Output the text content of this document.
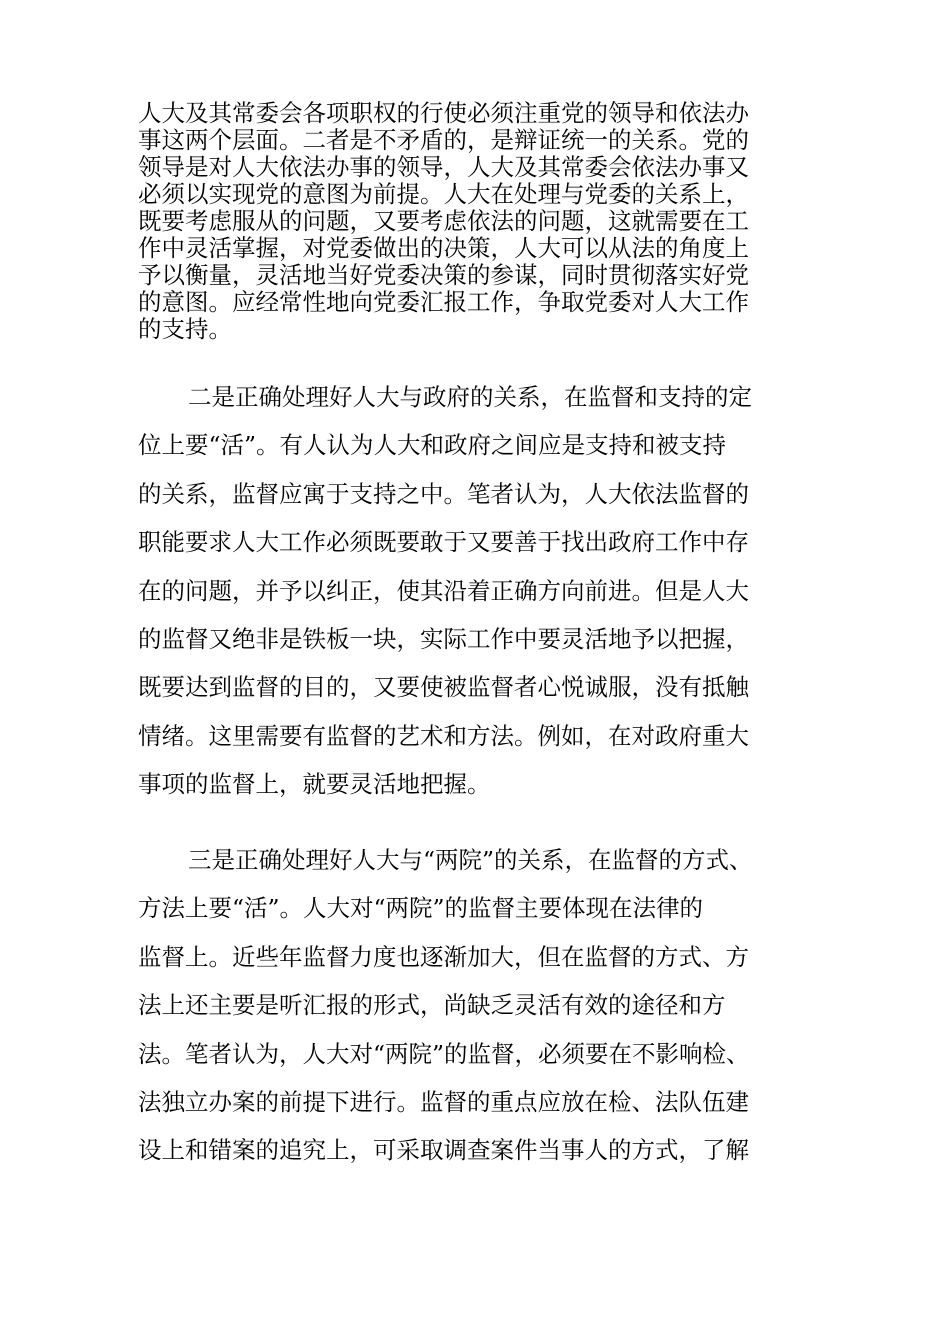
人大及其常委会各项职权的行使必须注重党的领导和依法办
事这两个层面。二者是不矛盾的，是辩证统一的关系。党的
领导是对人大依法办事的领导，人大及其常委会依法办事又
必须以实现党的意图为前提。人大在处理与党委的关系上，
既要考虑服从的问题，又要考虑依法的问题，这就需要在工
作中灵活掌握，对党委做出的决策，人大可以从法的角度上
予以衡量，灵活地当好党委决策的参谋，同时贯彻落实好党
的意图。应经常性地向党委汇报工作，争取党委对人大工作
的支持。
二是正确处理好人大与政府的关系，在监督和支持的定
位上要“活”。有人认为人大和政府之间应是支持和被支持
的关系，监督应寓于支持之中。笔者认为，人大依法监督的
职能要求人大工作必须既要敢于又要善于找出政府工作中存
在的问题，并予以纠正，使其沿着正确方向前进。但是人大
的监督又绝非是铁板一块，实际工作中要灵活地予以把握，
既要达到监督的目的，又要使被监督者心悦诚服，没有抵触
情绪。这里需要有监督的艺术和方法。例如，在对政府重大
事项的监督上，就要灵活地把握。
三是正确处理好人大与“两院”的关系，在监督的方式、
方法上要“活”。人大对“两院”的监督主要体现在法律的
监督上。近些年监督力度也逐渐加大，但在监督的方式、方
法上还主要是听汇报的形式，尚缺乏灵活有效的途径和方
法。笔者认为，人大对“两院”的监督，必须要在不影响检、
法独立办案的前提下进行。监督的重点应放在检、法队伍建
设上和错案的追究上，可采取调查案件当事人的方式，了解
